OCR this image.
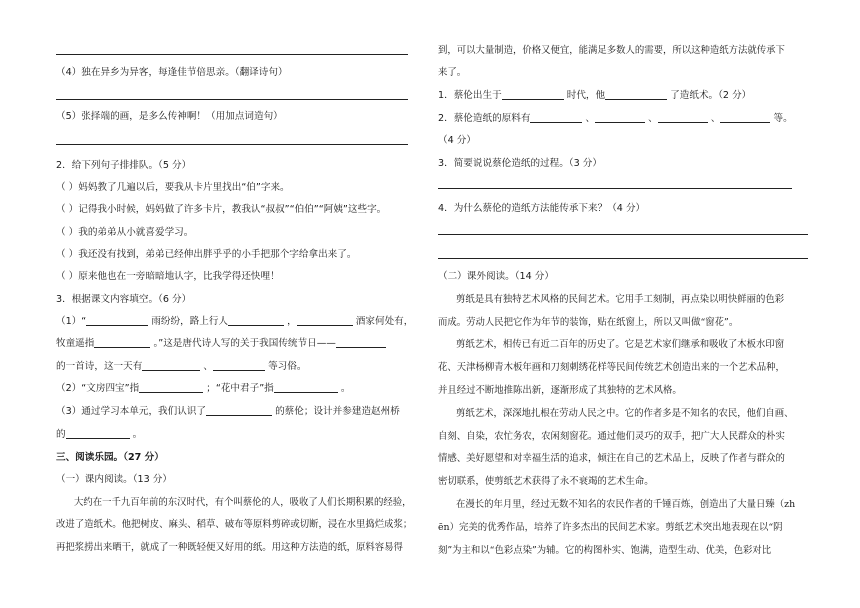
（4）独在异乡为异客，每逢佳节倍思亲。（翻译诗句）
（5）张择端的画，是多么传神啊！（用加点词造句）
2．给下列句子排排队。（5 分）
（ ）妈妈教了几遍以后，要我从卡片里找出“伯”字来。
（ ）记得我小时候，妈妈做了许多卡片，教我认“叔叔”“伯伯”“阿姨”这些字。
（ ）我的弟弟从小就喜爱学习。
（ ）我还没有找到，弟弟已经伸出胖乎乎的小手把那个字给拿出来了。
（ ）原来他也在一旁暗暗地认字，比我学得还快哩！
3．根据课文内容填空。（6 分）
（1）“	雨纷纷，路上行人	，	酒家何处有，
牧童遥指	。”这是唐代诗人写的关于我国传统节日——
的一首诗，这一天有	、	等习俗。
（2）“文房四宝”指	；“花中君子”指	。
（3）通过学习本单元，我们认识了	的蔡伦；设计并参建造赵州桥
的	。
三、阅读乐园。（27 分）
（一）课内阅读。（13 分）
大约在一千九百年前的东汉时代，有个叫蔡伦的人，吸收了人们长期积累的经验，
改进了造纸术。他把树皮、麻头、稻草、破布等原料剪碎或切断，浸在水里捣烂成浆；
再把浆捞出来晒干，就成了一种既轻便又好用的纸。用这种方法造的纸，原料容易得
到，可以大量制造，价格又便宜，能满足多数人的需要，所以这种造纸方法就传承下
来了。
1．蔡伦出生于	时代，他	了造纸术。（2 分）
2．蔡伦造纸的原料有	、	、	、	等。
（4 分）
3．简要说说蔡伦造纸的过程。（3 分）
4．为什么蔡伦的造纸方法能传承下来？（4 分）
（二）课外阅读。（14 分）
剪纸是具有独特艺术风格的民间艺术。它用手工刻制，再点染以明快鲜丽的色彩
而成。劳动人民把它作为年节的装饰，贴在纸窗上，所以又叫做“窗花”。
剪纸艺术，相传已有近二百年的历史了。它是艺术家们继承和吸收了木板水印窗
花、天津杨柳青木板年画和刀刻刺绣花样等民间传统艺术创造出来的一个艺术品种，
并且经过不断地推陈出新，逐渐形成了其独特的艺术风格。
剪纸艺术，深深地扎根在劳动人民之中。它的作者多是不知名的农民，他们自画、
自刻、自染，农忙务农，农闲刻窗花。通过他们灵巧的双手，把广大人民群众的朴实
情感、美好愿望和对幸福生活的追求，倾注在自己的艺术品上，反映了作者与群众的
密切联系，使剪纸艺术获得了永不衰竭的艺术生命。
在漫长的年月里，经过无数不知名的农民作者的千锤百炼，创造出了大量日臻（zh
ēn）完美的优秀作品，培养了许多杰出的民间艺术家。剪纸艺术突出地表现在以“阴
刻”为主和以“色彩点染”为辅。它的构图朴实、饱满，造型生动、优美，色彩对比
